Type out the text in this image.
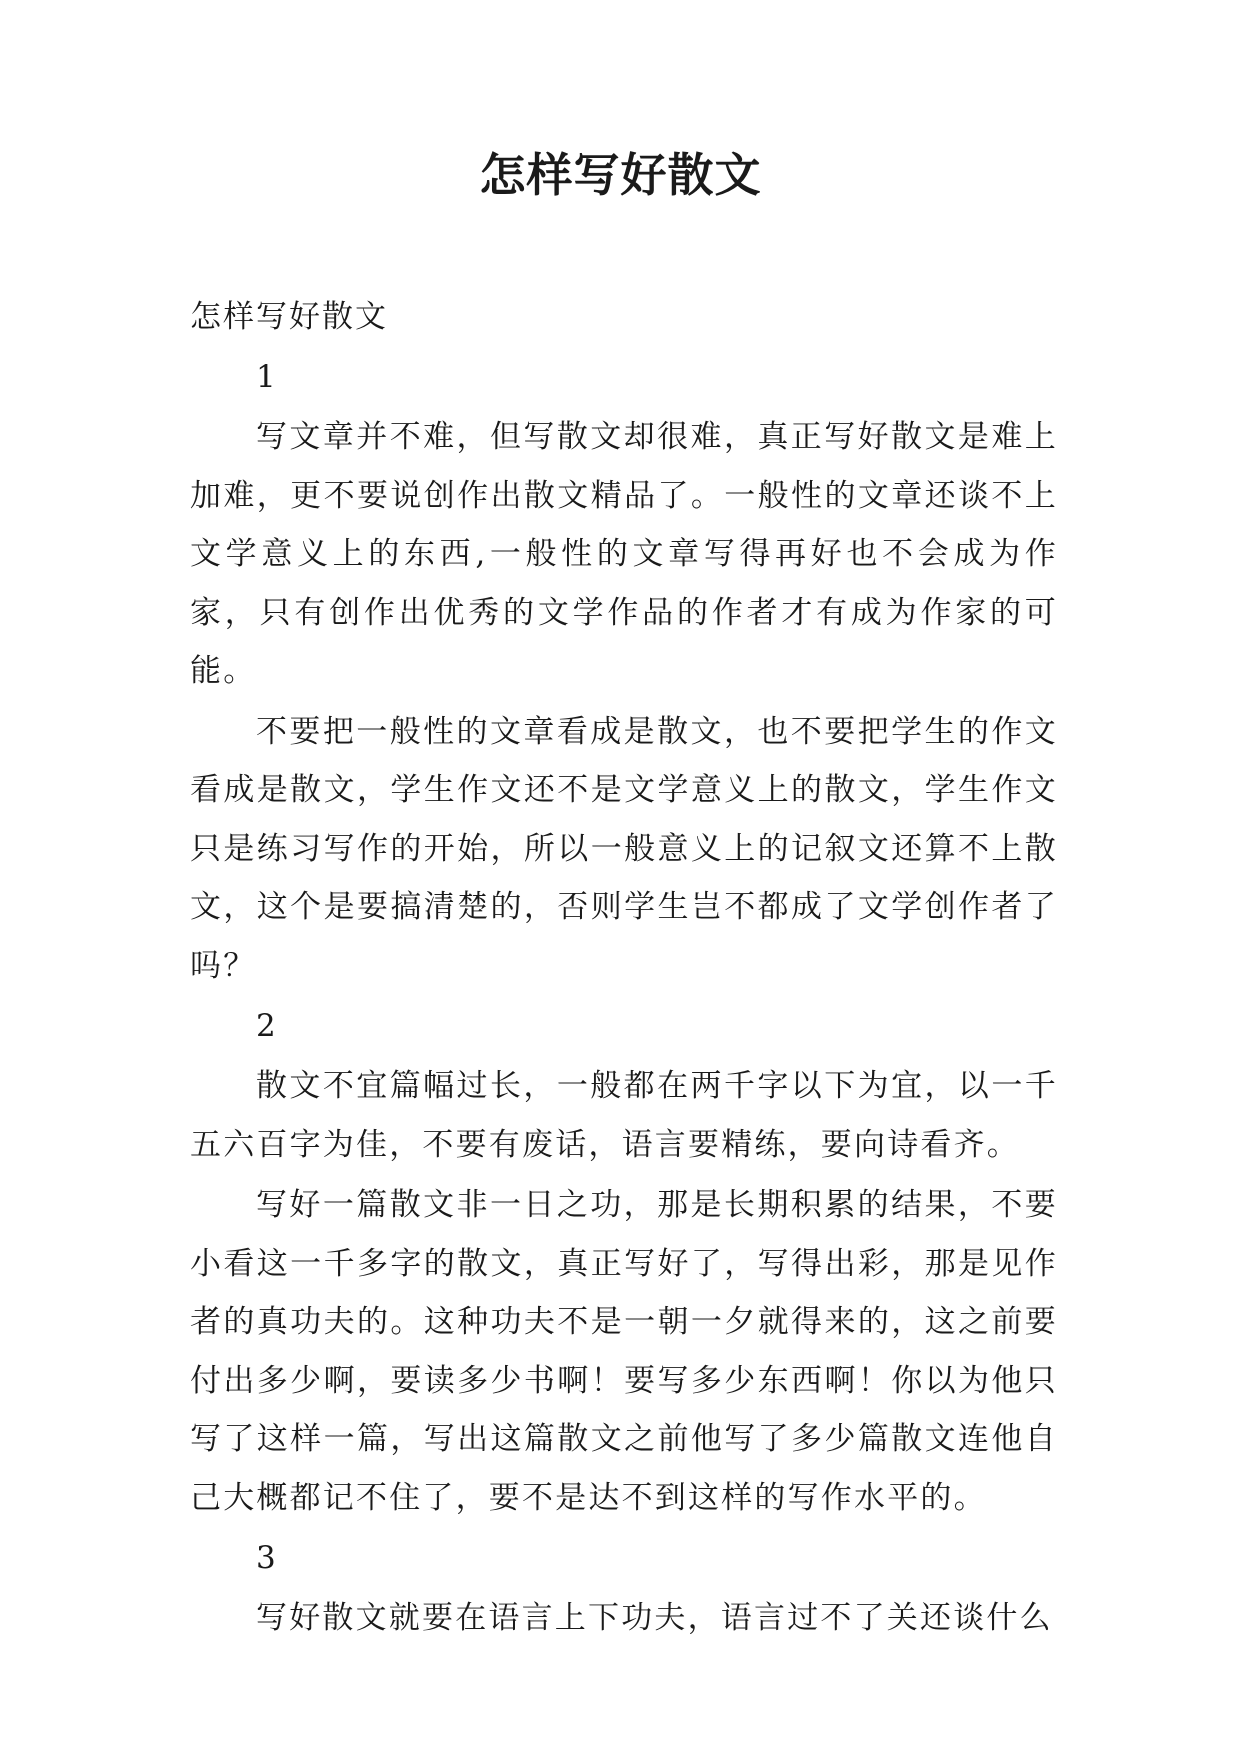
怎样写好散文

怎样写好散文

1

写文章并不难，但写散文却很难，真正写好散文是难上加难，更不要说创作出散文精品了。一般性的文章还谈不上文学意义上的东西,一般性的文章写得再好也不会成为作家，只有创作出优秀的文学作品的作者才有成为作家的可能。

不要把一般性的文章看成是散文，也不要把学生的作文看成是散文，学生作文还不是文学意义上的散文，学生作文只是练习写作的开始，所以一般意义上的记叙文还算不上散文，这个是要搞清楚的，否则学生岂不都成了文学创作者了吗？

2

散文不宜篇幅过长，一般都在两千字以下为宜，以一千五六百字为佳，不要有废话，语言要精练，要向诗看齐。

写好一篇散文非一日之功，那是长期积累的结果，不要小看这一千多字的散文，真正写好了，写得出彩，那是见作者的真功夫的。这种功夫不是一朝一夕就得来的，这之前要付出多少啊，要读多少书啊！要写多少东西啊！你以为他只写了这样一篇，写出这篇散文之前他写了多少篇散文连他自己大概都记不住了，要不是达不到这样的写作水平的。

3

写好散文就要在语言上下功夫，语言过不了关还谈什么
